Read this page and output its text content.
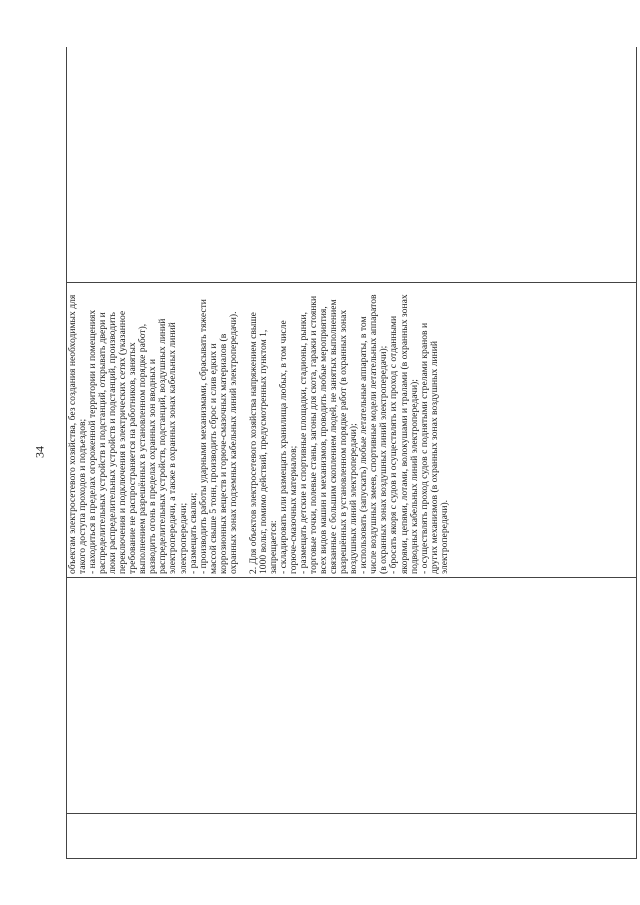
34
		объектам электросетевого хозяйства, без создания необходимых для такого доступа проходов и подъездов; - находиться в пределах огороженной территории и помещениях распределительных устройств и подстанций, открывать двери и люки распределительных устройств и подстанций, производить переключения и подключения в электрических сетях (указанное требование не распространяется на работников, занятых выполнением разрешённых в установленном порядке работ), разводить огонь в пределах охранных зон вводных и распределительных устройств, подстанций, воздушных линий электропередачи, а также в охранных зонах кабельных линий электропередачи; - размещать свалки; - производить работы ударными механизмами, сбрасывать тяжести массой свыше 5 тонн, производить сброс и слив едких и коррозионных веществ и горюче-смазочных материалов (в охранных зонах подземных кабельных линий электропередачи). 2. Для объектов электросетевого хозяйства напряжением свыше 1000 вольт, помимо действий, предусмотренных пунктом 1, запрещается: - складировать или размещать хранилища любых, в том числе горюче-смазочных материалов; - размещать детские и спортивные площадки, стадионы, рынки, торговые точки, полевые станы, загоны для скота, гаражи и стоянки всех видов машин и механизмов, проводить любые мероприятия, связанные с большим скоплением людей, не занятых выполнением разрешённых в установленном порядке работ (в охранных зонах воздушных линий электропередачи); - использовать (запускать) любые летательные аппараты, в том числе воздушных змеев, спортивные модели летательных аппаратов (в охранных зонах воздушных линий электропередачи); - бросать якоря с судов и осуществлять их проход с отданными якорями, цепями, лотами, волокушами и тралами (в охранных зонах подводных кабельных линий электропередачи); - осуществлять проход судов с поднятыми стрелами кранов и других механизмов (в охранных зонах воздушных линий электропередачи).
